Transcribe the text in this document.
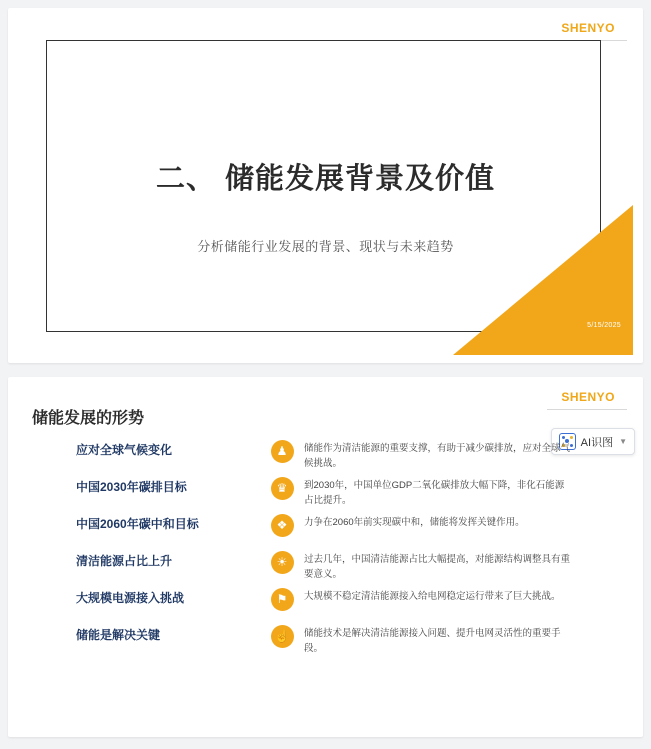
SHENYO
二、 储能发展背景及价值
分析储能行业发展的背景、现状与未来趋势
5/15/2025
SHENYO
储能发展的形势
AI识图 ▼
应对全球气候变化	♟	储能作为清洁能源的重要支撑，有助于减少碳排放，应对全球气候挑战。
中国2030年碳排目标	♛	到2030年，中国单位GDP二氧化碳排放大幅下降，非化石能源占比提升。
中国2060年碳中和目标	❖	力争在2060年前实现碳中和，储能将发挥关键作用。
清洁能源占比上升	☀	过去几年，中国清洁能源占比大幅提高，对能源结构调整具有重要意义。
大规模电源接入挑战	⚑	大规模不稳定清洁能源接入给电网稳定运行带来了巨大挑战。
储能是解决关键	☝	储能技术是解决清洁能源接入问题、提升电网灵活性的重要手段。
